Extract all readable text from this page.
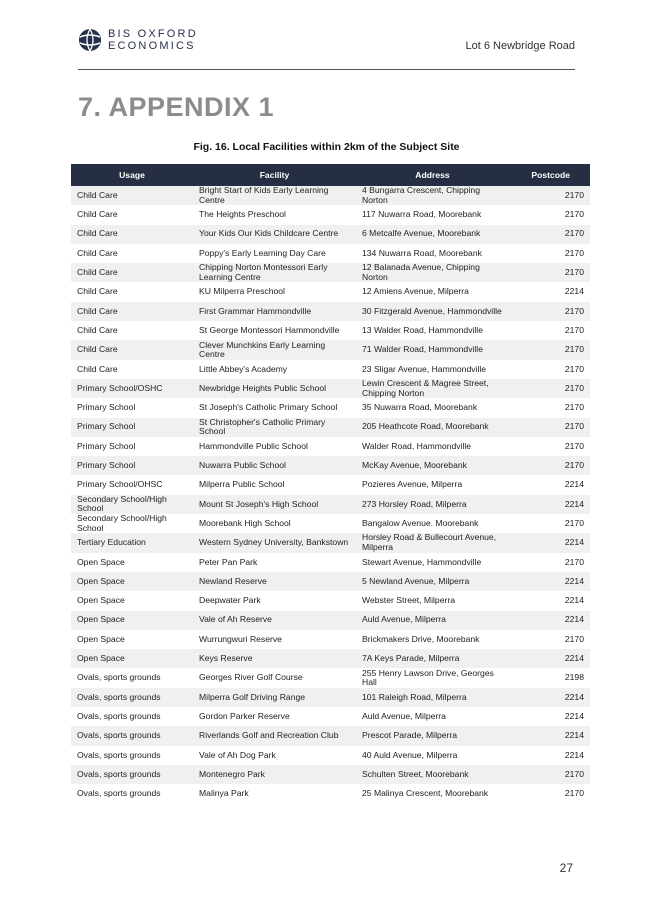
BIS OXFORD
ECONOMICS	Lot 6 Newbridge Road
7. APPENDIX 1
Fig. 16. Local Facilities within 2km of the Subject Site
Usage	Facility	Address	Postcode
Child Care	Bright Start of Kids Early Learning Centre	4 Bungarra Crescent, Chipping Norton	2170
Child Care	The Heights Preschool	117 Nuwarra Road, Moorebank	2170
Child Care	Your Kids Our Kids Childcare Centre	6 Metcalfe Avenue, Moorebank	2170
Child Care	Poppy's Early Learning Day Care	134 Nuwarra Road, Moorebank	2170
Child Care	Chipping Norton Montessori Early Learning Centre	12 Balanada Avenue, Chipping Norton	2170
Child Care	KU Milperra Preschool	12 Amiens Avenue, Milperra	2214
Child Care	First Grammar Hammondville	30 Fitzgerald Avenue, Hammondville	2170
Child Care	St George Montessori Hammondville	13 Walder Road, Hammondville	2170
Child Care	Clever Munchkins Early Learning Centre	71 Walder Road, Hammondville	2170
Child Care	Little Abbey's Academy	23 Sligar Avenue, Hammondville	2170
Primary School/OSHC	Newbridge Heights Public School	Lewin Crescent & Magree Street, Chipping Norton	2170
Primary School	St Joseph's Catholic Primary School	35 Nuwarra Road, Moorebank	2170
Primary School	St Christopher's Catholic Primary School	205 Heathcote Road, Moorebank	2170
Primary School	Hammondville Public School	Walder Road, Hammondville	2170
Primary School	Nuwarra Public School	McKay Avenue, Moorebank	2170
Primary School/OHSC	Milperra Public School	Pozieres Avenue, Milperra	2214
Secondary School/High School	Mount St Joseph's High School	273 Horsley Road, Milperra	2214
Secondary School/High School	Moorebank High School	Bangalow Avenue. Moorebank	2170
Tertiary Education	Western Sydney University, Bankstown	Horsley Road & Bullecourt Avenue, Milperra	2214
Open Space	Peter Pan Park	Stewart Avenue, Hammondville	2170
Open Space	Newland Reserve	5 Newland Avenue, Milperra	2214
Open Space	Deepwater Park	Webster Street, Milperra	2214
Open Space	Vale of Ah Reserve	Auld Avenue, Milperra	2214
Open Space	Wurrungwuri Reserve	Brickmakers Drive, Moorebank	2170
Open Space	Keys Reserve	7A Keys Parade, Milperra	2214
Ovals, sports grounds	Georges River Golf Course	255 Henry Lawson Drive, Georges Hall	2198
Ovals, sports grounds	Milperra Golf Driving Range	101 Raleigh Road, Milperra	2214
Ovals, sports grounds	Gordon Parker Reserve	Auld Avenue, Milperra	2214
Ovals, sports grounds	Riverlands Golf and Recreation Club	Prescot Parade, Milperra	2214
Ovals, sports grounds	Vale of Ah Dog Park	40 Auld Avenue, Milperra	2214
Ovals, sports grounds	Montenegro Park	Schulten Street, Moorebank	2170
Ovals, sports grounds	Malinya Park	25 Malinya Crescent, Moorebank	2170
27
